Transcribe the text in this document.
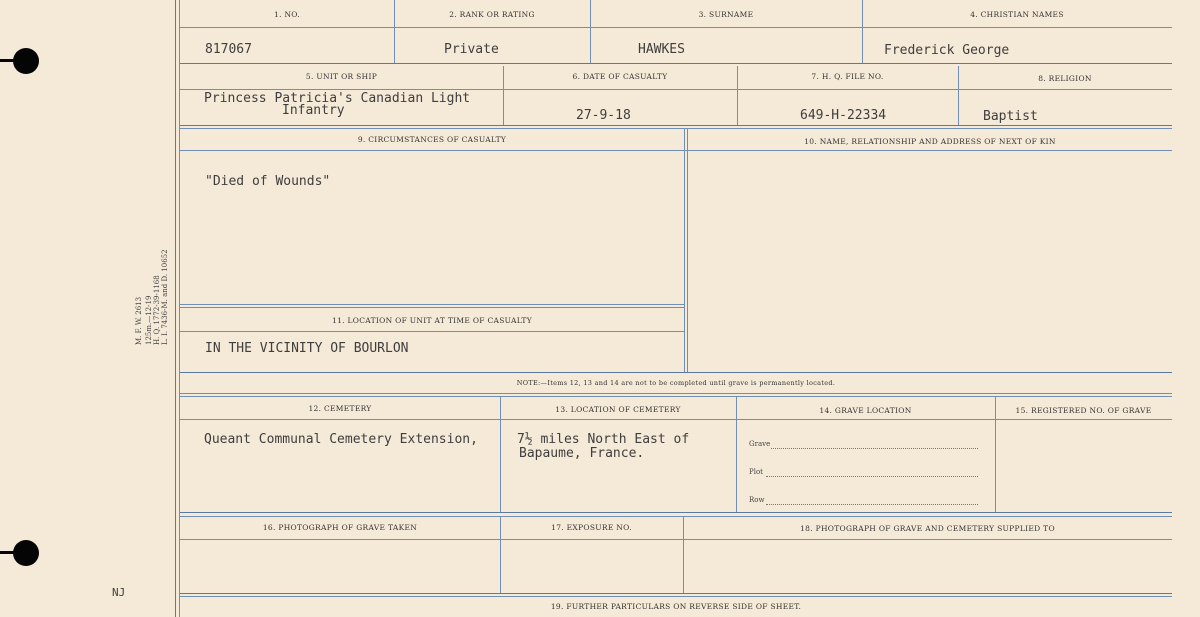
M. F. W. 2613 125m.—12-19 H. Q. 1772-39-1168 L. I. 7436-M. and D. 10652
NJ
1. NO.	2. RANK OR RATING	3. SURNAME	4. CHRISTIAN NAMES
817067	Private	HAWKES	Frederick George
5. UNIT OR SHIP	6. DATE OF CASUALTY	7. H. Q. FILE NO.	8. RELIGION
Princess Patricia's Canadian Light
Infantry	27-9-18	649-H-22334	Baptist
9. CIRCUMSTANCES OF CASUALTY	10. NAME, RELATIONSHIP AND ADDRESS OF NEXT OF KIN
"Died of Wounds"
11. LOCATION OF UNIT AT TIME OF CASUALTY
IN THE VICINITY OF BOURLON
NOTE:—Items 12, 13 and 14 are not to be completed until grave is permanently located.
12. CEMETERY	13. LOCATION OF CEMETERY	14. GRAVE LOCATION	15. REGISTERED NO. OF GRAVE
Queant Communal Cemetery Extension,	7½ miles North East of
Bapaume, France.
Grave
Plot
Row
16. PHOTOGRAPH OF GRAVE TAKEN	17. EXPOSURE NO.	18. PHOTOGRAPH OF GRAVE AND CEMETERY SUPPLIED TO
19. FURTHER PARTICULARS ON REVERSE SIDE OF SHEET.
